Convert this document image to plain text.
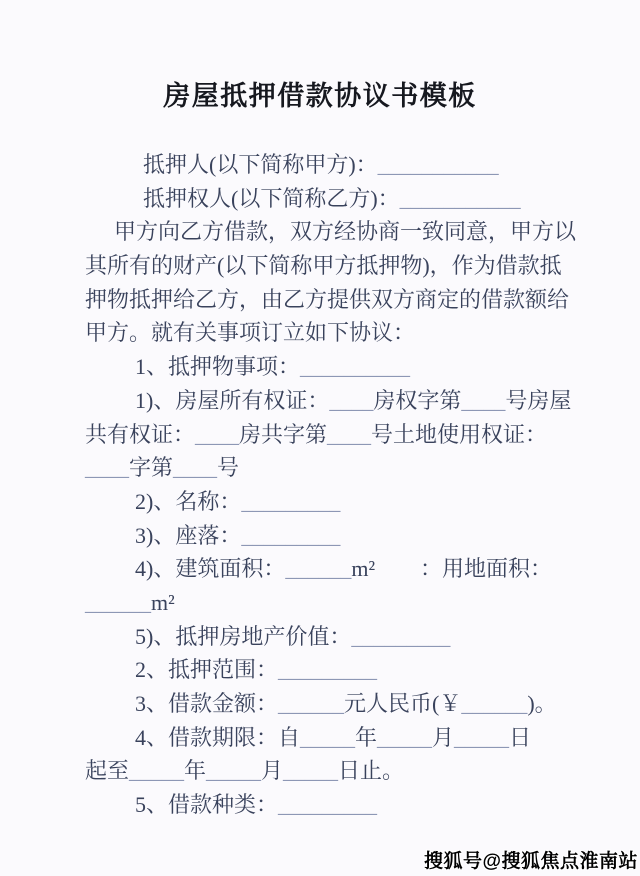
房屋抵押借款协议书模板
抵押人(以下简称甲方)：___________
抵押权人(以下简称乙方)：___________
甲方向乙方借款，双方经协商一致同意，甲方以
其所有的财产(以下简称甲方抵押物)，作为借款抵
押物抵押给乙方，由乙方提供双方商定的借款额给
甲方。就有关事项订立如下协议：
1、抵押物事项：__________
1)、房屋所有权证：____房权字第____号房屋
共有权证：____房共字第____号土地使用权证：
____字第____号
2)、名称：_________
3)、座落：_________
4)、建筑面积：______m² ：用地面积：
______m²
5)、抵押房地产价值：_________
2、抵押范围：_________
3、借款金额：______元人民币(￥______)。
4、借款期限：自_____年_____月_____日
起至_____年_____月_____日止。
5、借款种类：_________
搜狐号@搜狐焦点淮南站
